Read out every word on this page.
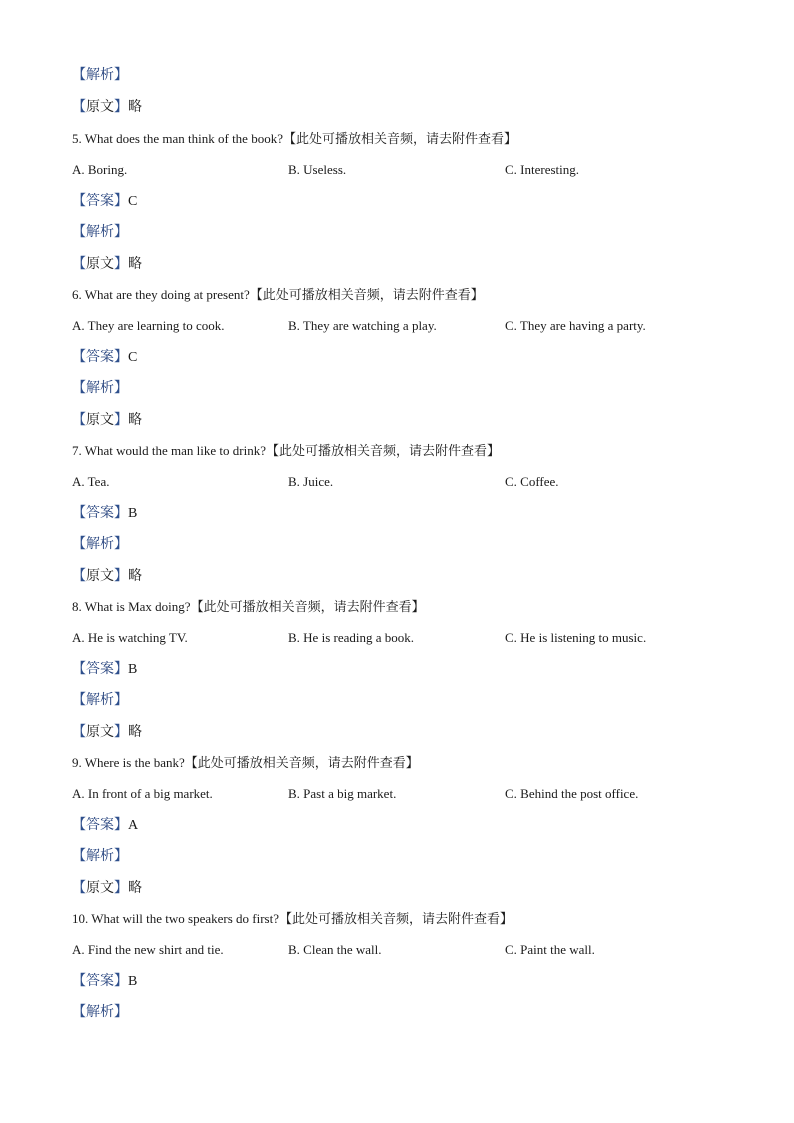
【解析】
【原文】略
5. What does the man think of the book?【此处可播放相关音频，请去附件查看】
A. Boring.	B. Useless.	C. Interesting.
【答案】C
【解析】
【原文】略
6. What are they doing at present?【此处可播放相关音频，请去附件查看】
A. They are learning to cook.	B. They are watching a play.	C. They are having a party.
【答案】C
【解析】
【原文】略
7. What would the man like to drink?【此处可播放相关音频，请去附件查看】
A. Tea.	B. Juice.	C. Coffee.
【答案】B
【解析】
【原文】略
8. What is Max doing?【此处可播放相关音频，请去附件查看】
A. He is watching TV.	B. He is reading a book.	C. He is listening to music.
【答案】B
【解析】
【原文】略
9. Where is the bank?【此处可播放相关音频，请去附件查看】
A. In front of a big market.	B. Past a big market.	C. Behind the post office.
【答案】A
【解析】
【原文】略
10. What will the two speakers do first?【此处可播放相关音频，请去附件查看】
A. Find the new shirt and tie.	B. Clean the wall.	C. Paint the wall.
【答案】B
【解析】
